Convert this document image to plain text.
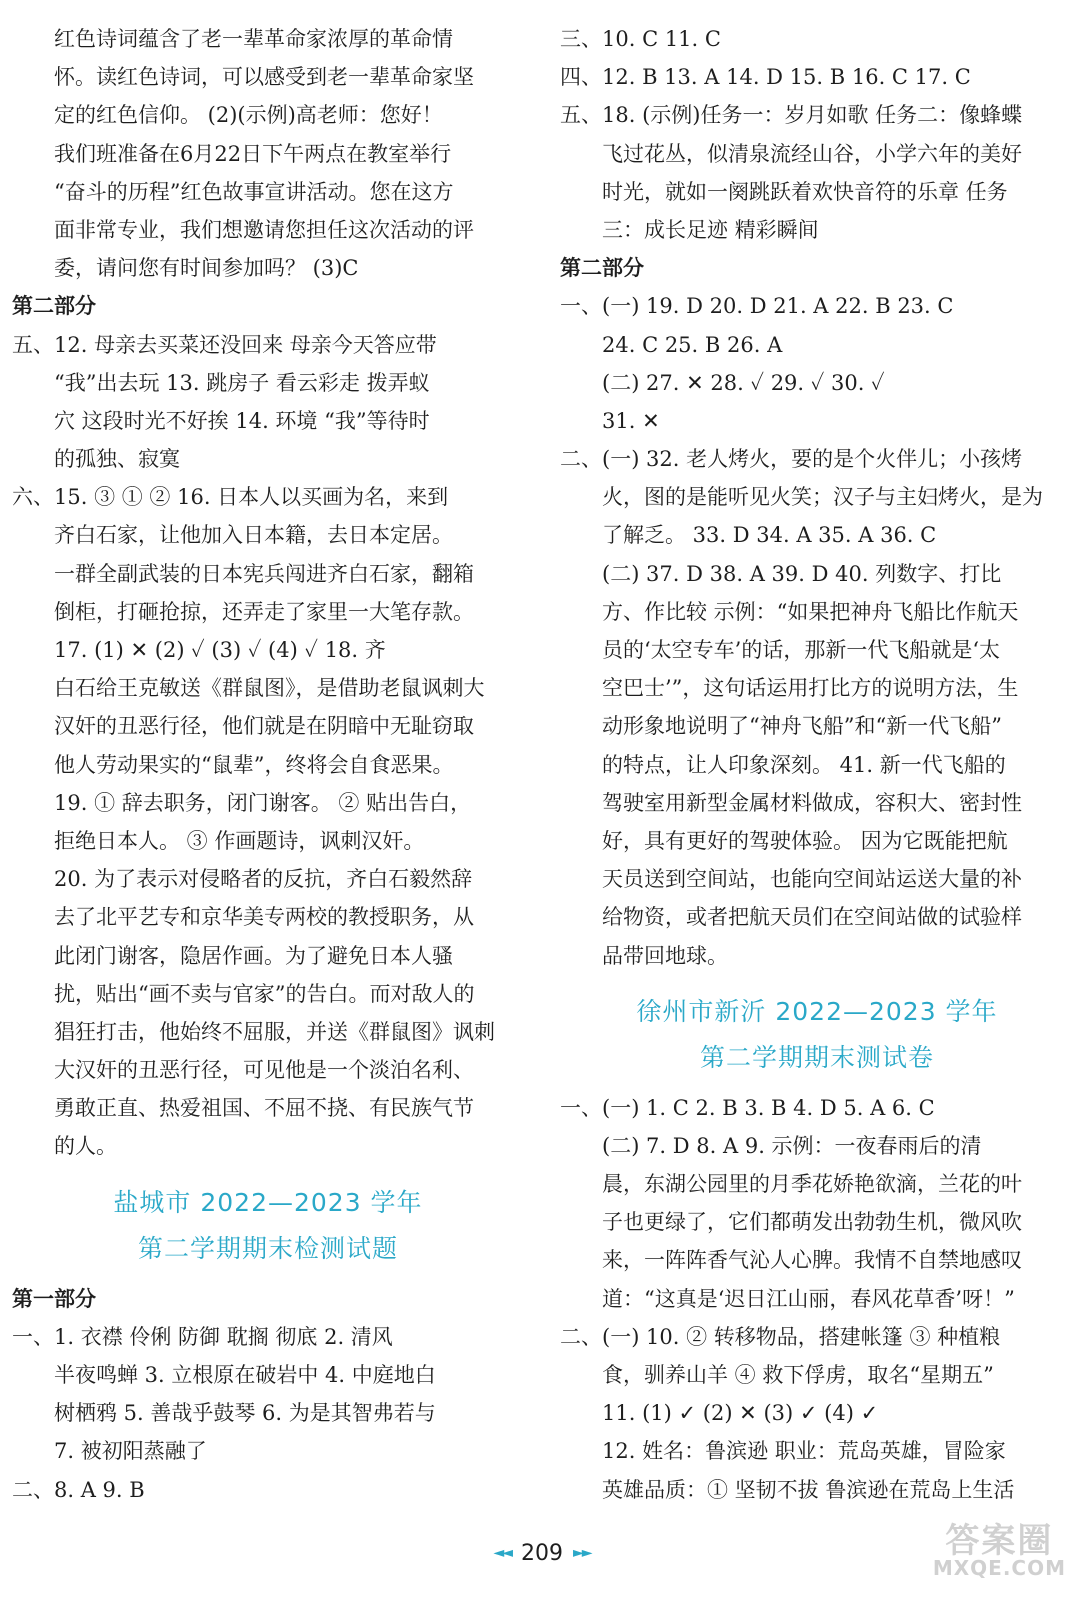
红色诗词蕴含了老一辈革命家浓厚的革命情
怀。读红色诗词，可以感受到老一辈革命家坚
定的红色信仰。 (2)(示例)高老师：您好！
我们班准备在6月22日下午两点在教室举行
“奋斗的历程”红色故事宣讲活动。您在这方
面非常专业，我们想邀请您担任这次活动的评
委，请问您有时间参加吗？ (3)C
第二部分
五、12. 母亲去买菜还没回来 母亲今天答应带
“我”出去玩 13. 跳房子 看云彩走 拨弄蚁
穴 这段时光不好挨 14. 环境 “我”等待时
的孤独、寂寞
六、15. ③ ① ② 16. 日本人以买画为名，来到
齐白石家，让他加入日本籍，去日本定居。
一群全副武装的日本宪兵闯进齐白石家，翻箱
倒柜，打砸抢掠，还弄走了家里一大笔存款。
17. (1) ✕ (2) ✓ (3) ✓ (4) ✓ 18. 齐
白石给王克敏送《群鼠图》，是借助老鼠讽刺大
汉奸的丑恶行径，他们就是在阴暗中无耻窃取
他人劳动果实的“鼠辈”，终将会自食恶果。
19. ① 辞去职务，闭门谢客。 ② 贴出告白，
拒绝日本人。 ③ 作画题诗，讽刺汉奸。
20. 为了表示对侵略者的反抗，齐白石毅然辞
去了北平艺专和京华美专两校的教授职务，从
此闭门谢客，隐居作画。为了避免日本人骚
扰，贴出“画不卖与官家”的告白。而对敌人的
猖狂打击，他始终不屈服，并送《群鼠图》讽刺
大汉奸的丑恶行径，可见他是一个淡泊名利、
勇敢正直、热爱祖国、不屈不挠、有民族气节
的人。
盐城市 2022—2023 学年
第二学期期末检测试题
第一部分
一、1. 衣襟 伶俐 防御 耽搁 彻底 2. 清风
半夜鸣蝉 3. 立根原在破岩中 4. 中庭地白
树栖鸦 5. 善哉乎鼓琴 6. 为是其智弗若与
7. 被初阳蒸融了
二、8. A 9. B
三、10. C 11. C
四、12. B 13. A 14. D 15. B 16. C 17. C
五、18. (示例)任务一：岁月如歌 任务二：像蜂蝶
飞过花丛，似清泉流经山谷，小学六年的美好
时光，就如一阕跳跃着欢快音符的乐章 任务
三：成长足迹 精彩瞬间
第二部分
一、(一) 19. D 20. D 21. A 22. B 23. C
24. C 25. B 26. A
(二) 27. ✕ 28. ✓ 29. ✓ 30. ✓
31. ✕
二、(一) 32. 老人烤火，要的是个火伴儿；小孩烤
火，图的是能听见火笑；汉子与主妇烤火，是为
了解乏。 33. D 34. A 35. A 36. C
(二) 37. D 38. A 39. D 40. 列数字、打比
方、作比较 示例：“如果把神舟飞船比作航天
员的‘太空专车’的话，那新一代飞船就是‘太
空巴士’”，这句话运用打比方的说明方法，生
动形象地说明了“神舟飞船”和“新一代飞船”
的特点，让人印象深刻。 41. 新一代飞船的
驾驶室用新型金属材料做成，容积大、密封性
好，具有更好的驾驶体验。 因为它既能把航
天员送到空间站，也能向空间站运送大量的补
给物资，或者把航天员们在空间站做的试验样
品带回地球。
徐州市新沂 2022—2023 学年
第二学期期末测试卷
一、(一) 1. C 2. B 3. B 4. D 5. A 6. C
(二) 7. D 8. A 9. 示例：一夜春雨后的清
晨，东湖公园里的月季花娇艳欲滴，兰花的叶
子也更绿了，它们都萌发出勃勃生机，微风吹
来，一阵阵香气沁人心脾。我情不自禁地感叹
道：“这真是‘迟日江山丽，春风花草香’呀！”
二、(一) 10. ② 转移物品，搭建帐篷 ③ 种植粮
食，驯养山羊 ④ 救下俘虏，取名“星期五”
11. (1) ✓ (2) ✕ (3) ✓ (4) ✓
12. 姓名：鲁滨逊 职业：荒岛英雄，冒险家
英雄品质：① 坚韧不拔 鲁滨逊在荒岛上生活
◄◄ 209 ►►	答案圈
MXQE.COM
